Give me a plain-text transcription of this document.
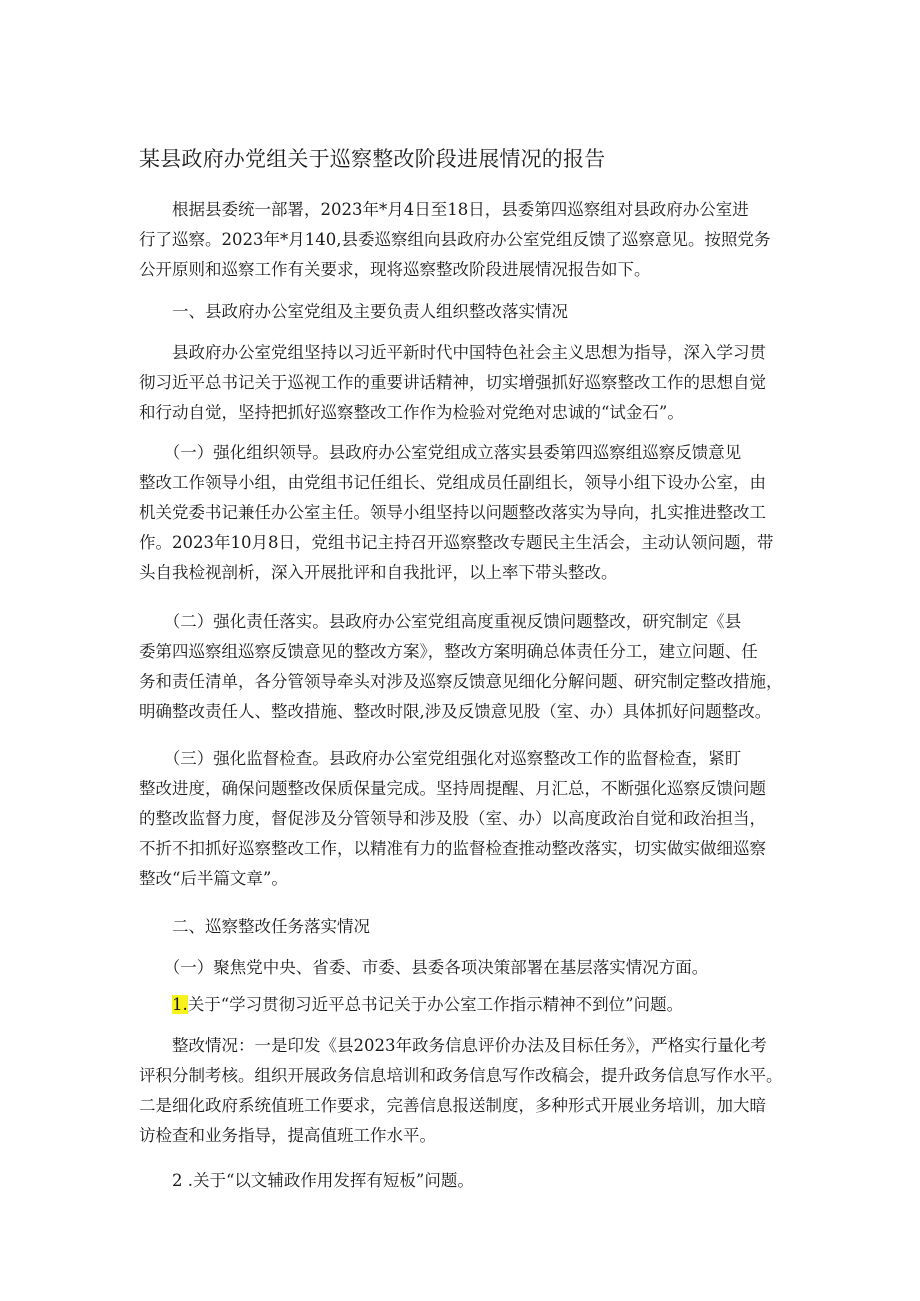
某县政府办党组关于巡察整改阶段进展情况的报告
　　根据县委统一部署，2023年*月4日至18日，县委第四巡察组对县政府办公室进
行了巡察。2023年*月140,县委巡察组向县政府办公室党组反馈了巡察意见。按照党务
公开原则和巡察工作有关要求，现将巡察整改阶段进展情况报告如下。
　　一、县政府办公室党组及主要负责人组织整改落实情况
　　县政府办公室党组坚持以习近平新时代中国特色社会主义思想为指导，深入学习贯
彻习近平总书记关于巡视工作的重要讲话精神，切实增强抓好巡察整改工作的思想自觉
和行动自觉，坚持把抓好巡察整改工作作为检验对党绝对忠诚的“试金石”。
　　（一）强化组织领导。县政府办公室党组成立落实县委第四巡察组巡察反馈意见
整改工作领导小组，由党组书记任组长、党组成员任副组长，领导小组下设办公室，由
机关党委书记兼任办公室主任。领导小组坚持以问题整改落实为导向，扎实推进整改工
作。2023年10月8日，党组书记主持召开巡察整改专题民主生活会，主动认领问题，带
头自我检视剖析，深入开展批评和自我批评，以上率下带头整改。
　　（二）强化责任落实。县政府办公室党组高度重视反馈问题整改，研究制定《县
委第四巡察组巡察反馈意见的整改方案》，整改方案明确总体责任分工，建立问题、任
务和责任清单，各分管领导牵头对涉及巡察反馈意见细化分解问题、研究制定整改措施，
明确整改责任人、整改措施、整改时限,涉及反馈意见股（室、办）具体抓好问题整改。
　　（三）强化监督检查。县政府办公室党组强化对巡察整改工作的监督检查，紧盯
整改进度，确保问题整改保质保量完成。坚持周提醒、月汇总，不断强化巡察反馈问题
的整改监督力度，督促涉及分管领导和涉及股（室、办）以高度政治自觉和政治担当，
不折不扣抓好巡察整改工作，以精准有力的监督检查推动整改落实，切实做实做细巡察
整改“后半篇文章”。
　　二、巡察整改任务落实情况
　　（一）聚焦党中央、省委、市委、县委各项决策部署在基层落实情况方面。
　　1.关于“学习贯彻习近平总书记关于办公室工作指示精神不到位”问题。
　　整改情况：一是印发《县2023年政务信息评价办法及目标任务》，严格实行量化考
评积分制考核。组织开展政务信息培训和政务信息写作改稿会，提升政务信息写作水平。
二是细化政府系统值班工作要求，完善信息报送制度，多种形式开展业务培训，加大暗
访检查和业务指导，提高值班工作水平。
　　2 .关于“以文辅政作用发挥有短板”问题。
